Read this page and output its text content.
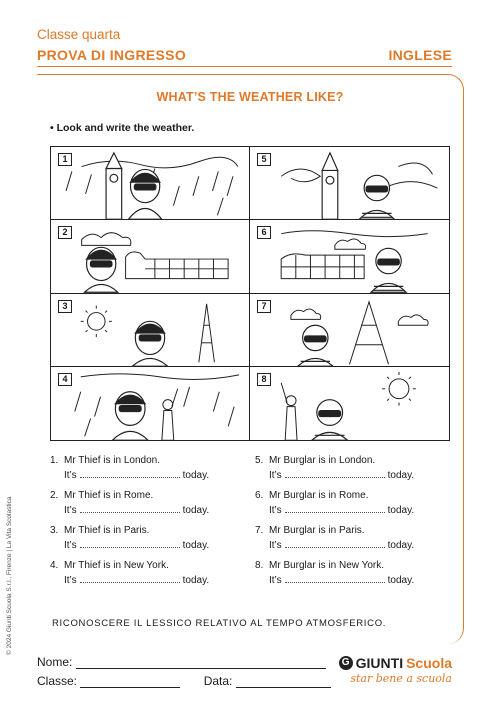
Classe quarta
PROVA DI INGRESSO	INGLESE
WHAT’S THE WEATHER LIKE?
• Look and write the weather.
1	5
2	6
3	7
4	8
1. Mr Thief is in London.
It’s	today.
2. Mr Thief is in Rome.
It’s	today.
3. Mr Thief is in Paris.
It’s	today.
4. Mr Thief is in New York.
It’s	today.
5. Mr Burglar is in London.
It’s	today.
6. Mr Burglar is in Rome.
It’s	today.
7. Mr Burglar is in Paris.
It’s	today.
8. Mr Burglar is in New York.
It’s	today.
RICONOSCERE IL LESSICO RELATIVO AL TEMPO ATMOSFERICO.
© 2024 Giunti Scuola S.r.l., Firenze | La Vita Scolastica
Nome:
Classe:	Data:
G GIUNTI Scuola
star bene a scuola
